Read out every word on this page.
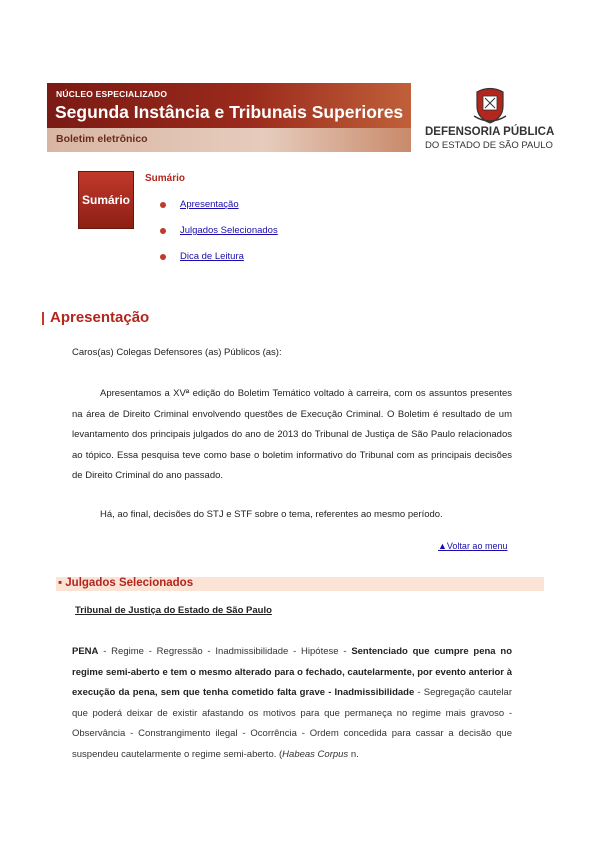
NÚCLEO ESPECIALIZADO
Segunda Instância e Tribunais Superiores
Boletim eletrônico
DEFENSORIA PÚBLICA
DO ESTADO DE SÃO PAULO
Sumário
Sumário
Apresentação
Julgados Selecionados
Dica de Leitura
Apresentação
Caros(as) Colegas Defensores (as) Públicos (as):
Apresentamos a XVª edição do Boletim Temático voltado à carreira, com os assuntos presentes na área de Direito Criminal envolvendo questões de Execução Criminal. O Boletim é resultado de um levantamento dos principais julgados do ano de 2013 do Tribunal de Justiça de São Paulo relacionados ao tópico. Essa pesquisa teve como base o boletim informativo do Tribunal com as principais decisões de Direito Criminal do ano passado.
Há, ao final, decisões do STJ e STF sobre o tema, referentes ao mesmo período.
▲Voltar ao menu
▪ Julgados Selecionados
Tribunal de Justiça do Estado de São Paulo
PENA - Regime - Regressão - Inadmissibilidade - Hipótese - Sentenciado que cumpre pena no regime semi-aberto e tem o mesmo alterado para o fechado, cautelarmente, por evento anterior à execução da pena, sem que tenha cometido falta grave - Inadmissibilidade - Segregação cautelar que poderá deixar de existir afastando os motivos para que permaneça no regime mais gravoso - Observância - Constrangimento ilegal - Ocorrência - Ordem concedida para cassar a decisão que suspendeu cautelarmente o regime semi-aberto. (Habeas Corpus n.
